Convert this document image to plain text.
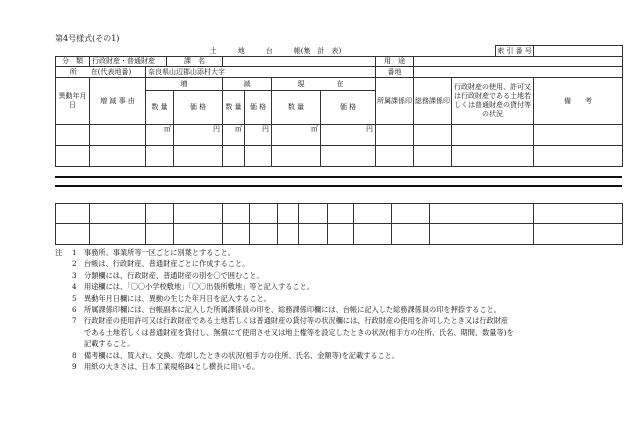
第4号様式(その1)
土　　　地　　　台　　　帳(集　計　表)												索 引 番 号	
分　類	行政財産・普通財産		課　名						用　途				
所　　在(代表地番)		奈良県山辺郡山添村大字							番地				
異動年月日	増 減 事 由	増			減		現　　在		所属課係印	総務課係印	行政財産の使用、許可又は行政財産である土地若しくは普通財産の貸付等の状況		備　　考
		数 量		価 格	数 量	価 格	数 量	価 格					
		㎡		円	㎡	円	㎡	円					

注	1	事務所、事業所等一区ごとに別葉とすること。
2	台帳は、行政財産、普通財産ごとに作成すること。
3	分類欄には、行政財産、普通財産の別を〇で囲むこと。
4	用途欄には、「〇〇小学校敷地」「〇〇出張所敷地」等と記入すること。
5	異動年月日欄には、異動の生じた年月日を記入すること。
6	所属課係印欄には、台帳副本に記入した所属課係員の印を、総務課係印欄には、台帳に記入した総務課係員の印を押捺すること。
7	行政財産の使用許可又は行政財産である土地若しくは普通財産の貸付等の状況欄には、行政財産の使用を許可したとき又は行政財産
である土地若しくは普通財産を貸付し、無償にて使用させ又は地上権等を設定したときの状況(相手方の住所、氏名、期間、数量等)を
記載すること。
8	備考欄には、買入れ、交換、売却したときの状況(相手方の住所、氏名、金額等)を記載すること。
9	用紙の大きさは、日本工業規格B4とし横長に用いる。
